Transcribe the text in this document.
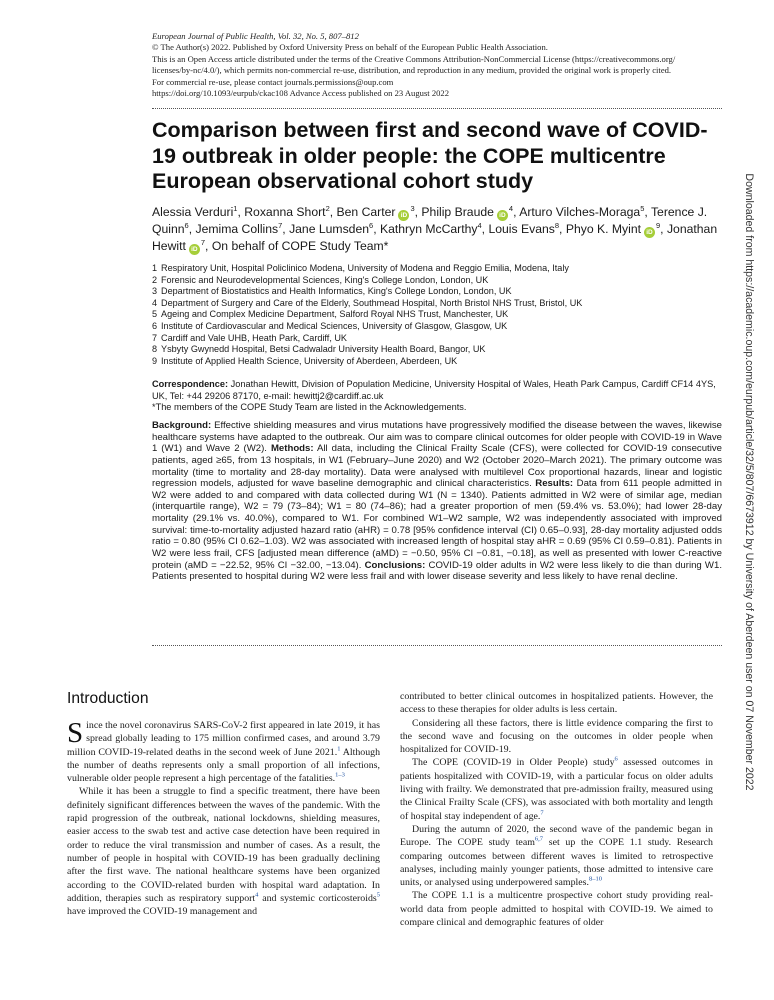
European Journal of Public Health, Vol. 32, No. 5, 807–812
© The Author(s) 2022. Published by Oxford University Press on behalf of the European Public Health Association.
This is an Open Access article distributed under the terms of the Creative Commons Attribution-NonCommercial License (https://creativecommons.org/
licenses/by-nc/4.0/), which permits non-commercial re-use, distribution, and reproduction in any medium, provided the original work is properly cited.
For commercial re-use, please contact journals.permissions@oup.com
https://doi.org/10.1093/eurpub/ckac108 Advance Access published on 23 August 2022
Comparison between first and second wave of COVID-19 outbreak in older people: the COPE multicentre European observational cohort study
Alessia Verduri$^1$, Roxanna Short$^2$, Ben Carter $iD^3$, Philip Braude $iD^4$, Arturo Vilches-Moraga$^5$, Terence J. Quinn$^6$, Jemima Collins$^7$, Jane Lumsden$^6$, Kathryn McCarthy$^4$, Louis Evans$^8$, Phyo K. Myint $iD^9$, Jonathan Hewitt $iD^7$, On behalf of COPE Study Team*
1 Respiratory Unit, Hospital Policlinico Modena, University of Modena and Reggio Emilia, Modena, Italy
2 Forensic and Neurodevelopmental Sciences, King's College London, London, UK
3 Department of Biostatistics and Health Informatics, King's College London, London, UK
4 Department of Surgery and Care of the Elderly, Southmead Hospital, North Bristol NHS Trust, Bristol, UK
5 Ageing and Complex Medicine Department, Salford Royal NHS Trust, Manchester, UK
6 Institute of Cardiovascular and Medical Sciences, University of Glasgow, Glasgow, UK
7 Cardiff and Vale UHB, Heath Park, Cardiff, UK
8 Ysbyty Gwynedd Hospital, Betsi Cadwaladr University Health Board, Bangor, UK
9 Institute of Applied Health Science, University of Aberdeen, Aberdeen, UK
Correspondence: Jonathan Hewitt, Division of Population Medicine, University Hospital of Wales, Heath Park Campus, Cardiff CF14 4YS, UK, Tel: +44 29206 87170, e-mail: hewittj2@cardiff.ac.uk
*The members of the COPE Study Team are listed in the Acknowledgements.

Background: Effective shielding measures and virus mutations have progressively modified the disease between the waves, likewise healthcare systems have adapted to the outbreak. Our aim was to compare clinical outcomes for older people with COVID-19 in Wave 1 (W1) and Wave 2 (W2). Methods: All data, including the Clinical Frailty Scale (CFS), were collected for COVID-19 consecutive patients, aged ≥65, from 13 hospitals, in W1 (February–June 2020) and W2 (October 2020–March 2021). The primary outcome was mortality (time to mortality and 28-day mortality). Data were analysed with multilevel Cox proportional hazards, linear and logistic regression models, adjusted for wave baseline demographic and clinical characteristics. Results: Data from 611 people admitted in W2 were added to and compared with data collected during W1 (N = 1340). Patients admitted in W2 were of similar age, median (interquartile range), W2 = 79 (73–84); W1 = 80 (74–86); had a greater proportion of men (59.4% vs. 53.0%); had lower 28-day mortality (29.1% vs. 40.0%), compared to W1. For combined W1–W2 sample, W2 was independently associated with improved survival: time-to-mortality adjusted hazard ratio (aHR) = 0.78 [95% confidence interval (CI) 0.65–0.93], 28-day mortality adjusted odds ratio = 0.80 (95% CI 0.62–1.03). W2 was associated with increased length of hospital stay aHR = 0.69 (95% CI 0.59–0.81). Patients in W2 were less frail, CFS [adjusted mean difference (aMD) = −0.50, 95% CI −0.81, −0.18], as well as presented with lower C-reactive protein (aMD = −22.52, 95% CI −32.00, −13.04). Conclusions: COVID-19 older adults in W2 were less likely to die than during W1. Patients presented to hospital during W2 were less frail and with lower disease severity and less likely to have renal decline.	Downloaded from https://academic.oup.com/eurpub/article/32/5/807/6673912 by University of Aberdeen user on 07 November 2022
Introduction

Since the novel coronavirus SARS-CoV-2 first appeared in late 2019, it has spread globally leading to 175 million confirmed cases, and around 3.79 million COVID-19-related deaths in the second week of June 2021.$^1$ Although the number of deaths represents only a small proportion of all infections, vulnerable older people represent a high percentage of the fatalities.$^{1-3}$

While it has been a struggle to find a specific treatment, there have been definitely significant differences between the waves of the pandemic. With the rapid progression of the outbreak, national lockdowns, shielding measures, easier access to the swab test and active case detection have been required in order to reduce the viral transmission and number of cases. As a result, the number of people in hospital with COVID-19 has been gradually declining after the first wave. The national healthcare systems have been organized according to the COVID-related burden with hospital ward adaptation. In addition, therapies such as respiratory support$^4$ and systemic corticosteroids$^5$ have improved the COVID-19 management and

contributed to better clinical outcomes in hospitalized patients. However, the access to these therapies for older adults is less certain.

Considering all these factors, there is little evidence comparing the first to the second wave and focusing on the outcomes in older people when hospitalized for COVID-19.

The COPE (COVID-19 in Older People) study$^6$ assessed outcomes in patients hospitalized with COVID-19, with a particular focus on older adults living with frailty. We demonstrated that pre-admission frailty, measured using the Clinical Frailty Scale (CFS), was associated with both mortality and length of hospital stay independent of age.$^7$

During the autumn of 2020, the second wave of the pandemic began in Europe. The COPE study team$^{6,7}$ set up the COPE 1.1 study. Research comparing outcomes between different waves is limited to retrospective analyses, including mainly younger patients, those admitted to intensive care units, or analysed using underpowered samples.$^{8-10}$

The COPE 1.1 is a multicentre prospective cohort study providing real-world data from people admitted to hospital with COVID-19. We aimed to compare clinical and demographic features of older
